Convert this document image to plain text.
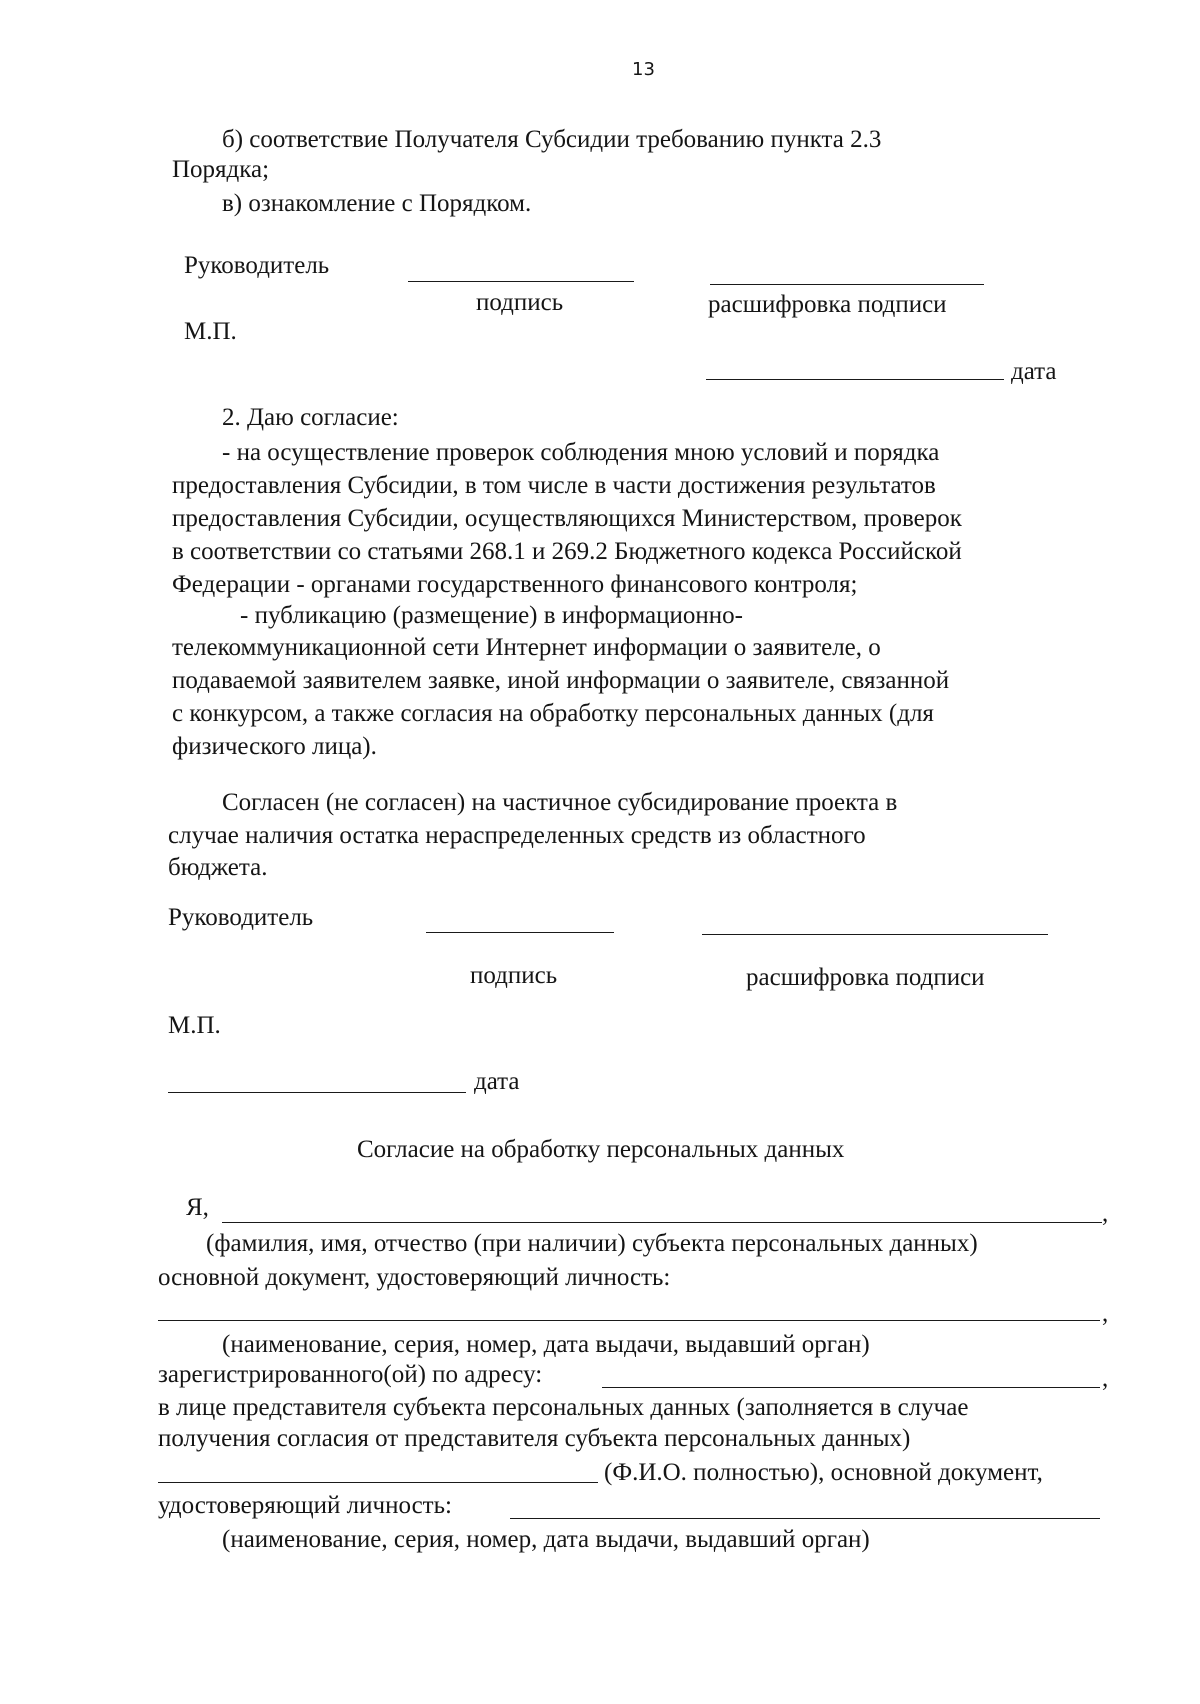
13
б) соответствие Получателя Субсидии требованию пункта 2.3
Порядка;
в) ознакомление с Порядком.
Руководитель
подпись	расшифровка подписи
М.П.
дата
2. Даю согласие:
- на осуществление проверок соблюдения мною условий и порядка
предоставления Субсидии, в том числе в части достижения результатов
предоставления Субсидии, осуществляющихся Министерством, проверок
в соответствии со статьями 268.1 и 269.2 Бюджетного кодекса Российской
Федерации - органами государственного финансового контроля;
- публикацию (размещение) в информационно-
телекоммуникационной сети Интернет информации о заявителе, о
подаваемой заявителем заявке, иной информации о заявителе, связанной
с конкурсом, а также согласия на обработку персональных данных (для
физического лица).
Согласен (не согласен) на частичное субсидирование проекта в
случае наличия остатка нераспределенных средств из областного
бюджета.
Руководитель
подпись	расшифровка подписи
М.П.
дата
Согласие на обработку персональных данных
Я,	,
(фамилия, имя, отчество (при наличии) субъекта персональных данных)
основной документ, удостоверяющий личность:
,
(наименование, серия, номер, дата выдачи, выдавший орган)
зарегистрированного(ой) по адресу:	,
в лице представителя субъекта персональных данных (заполняется в случае
получения согласия от представителя субъекта персональных данных)
(Ф.И.О. полностью), основной документ,
удостоверяющий личность:
(наименование, серия, номер, дата выдачи, выдавший орган)
